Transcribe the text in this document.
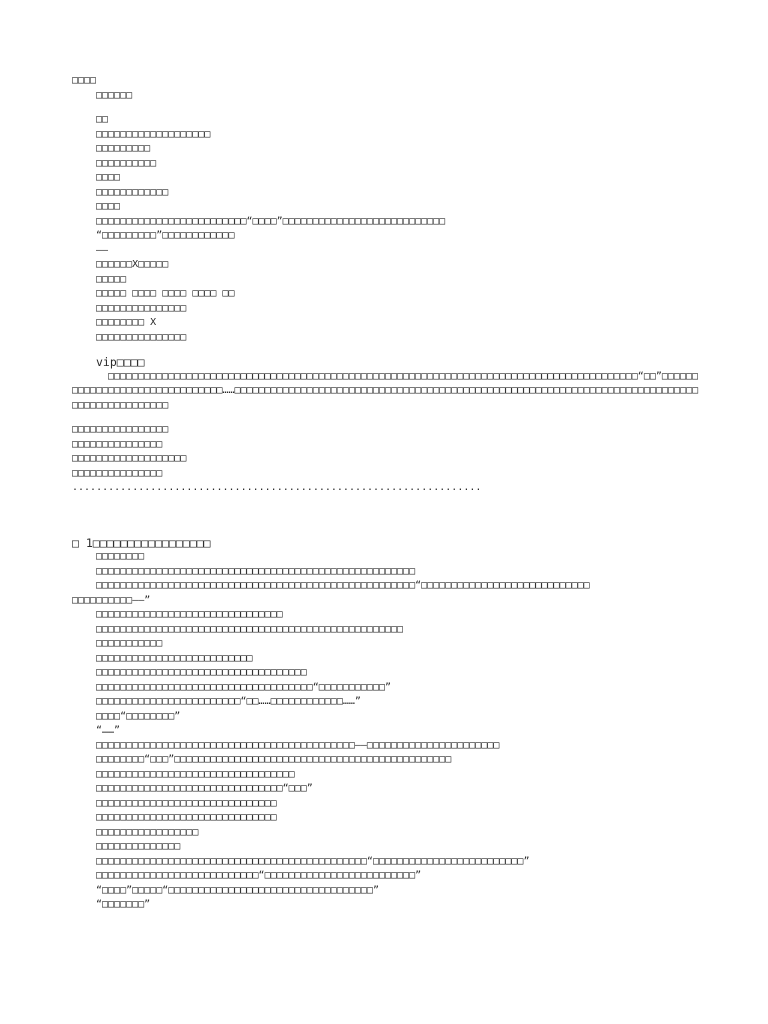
□□□□
□□□□□□
□□
□□□□□□□□□□□□□□□□□□□
□□□□□□□□□
□□□□□□□□□□
□□□□
□□□□□□□□□□□□
□□□□
□□□□□□□□□□□□□□□□□□□□□□□□□“□□□□”□□□□□□□□□□□□□□□□□□□□□□□□□□□
“□□□□□□□□□”□□□□□□□□□□□□
——
□□□□□□X□□□□□
□□□□□
□□□□□ □□□□ □□□□ □□□□ □□
□□□□□□□□□□□□□□□
□□□□□□□□ X
□□□□□□□□□□□□□□□
vip□□□□
□□□□□□□□□□□□□□□□□□□□□□□□□□□□□□□□□□□□□□□□□□□□□□□□□□□□□□□□□□□□□□□□□□□□□□□□□□□□□□□□□□□□□□□□“□□”□□□□□□□□□□□□□□□□□□□□□□□□□□□□□□□……□□□□□□□□□□□□□□□□□□□□□□□□□□□□□□□□□□□□□□□□□□□□□□□□□□□□□□□□□□□□□□□□□□□□□□□□□□□□□□□□□□□□□□□□□□□□□
□□□□□□□□□□□□□□□□
□□□□□□□□□□□□□□□
□□□□□□□□□□□□□□□□□□□
□□□□□□□□□□□□□□□
....................................................................
□ 1□□□□□□□□□□□□□□□□□
□□□□□□□□
□□□□□□□□□□□□□□□□□□□□□□□□□□□□□□□□□□□□□□□□□□□□□□□□□□□□□
□□□□□□□□□□□□□□□□□□□□□□□□□□□□□□□□□□□□□□□□□□□□□□□□□□□□□“□□□□□□□□□□□□□□□□□□□□□□□□□□□□
□□□□□□□□□□——”
□□□□□□□□□□□□□□□□□□□□□□□□□□□□□□□
□□□□□□□□□□□□□□□□□□□□□□□□□□□□□□□□□□□□□□□□□□□□□□□□□□□
□□□□□□□□□□□
□□□□□□□□□□□□□□□□□□□□□□□□□□
□□□□□□□□□□□□□□□□□□□□□□□□□□□□□□□□□□□
□□□□□□□□□□□□□□□□□□□□□□□□□□□□□□□□□□□□“□□□□□□□□□□□”
□□□□□□□□□□□□□□□□□□□□□□□□“□□……□□□□□□□□□□□□……”
□□□□“□□□□□□□□”
“……”
□□□□□□□□□□□□□□□□□□□□□□□□□□□□□□□□□□□□□□□□□□□——□□□□□□□□□□□□□□□□□□□□□□
□□□□□□□□“□□□”□□□□□□□□□□□□□□□□□□□□□□□□□□□□□□□□□□□□□□□□□□□□□□
□□□□□□□□□□□□□□□□□□□□□□□□□□□□□□□□□
□□□□□□□□□□□□□□□□□□□□□□□□□□□□□□□“□□□”
□□□□□□□□□□□□□□□□□□□□□□□□□□□□□□
□□□□□□□□□□□□□□□□□□□□□□□□□□□□□□
□□□□□□□□□□□□□□□□□
□□□□□□□□□□□□□□
□□□□□□□□□□□□□□□□□□□□□□□□□□□□□□□□□□□□□□□□□□□□□“□□□□□□□□□□□□□□□□□□□□□□□□□”
□□□□□□□□□□□□□□□□□□□□□□□□□□□“□□□□□□□□□□□□□□□□□□□□□□□□□”
“□□□□”□□□□□“□□□□□□□□□□□□□□□□□□□□□□□□□□□□□□□□□□”
“□□□□□□□”
